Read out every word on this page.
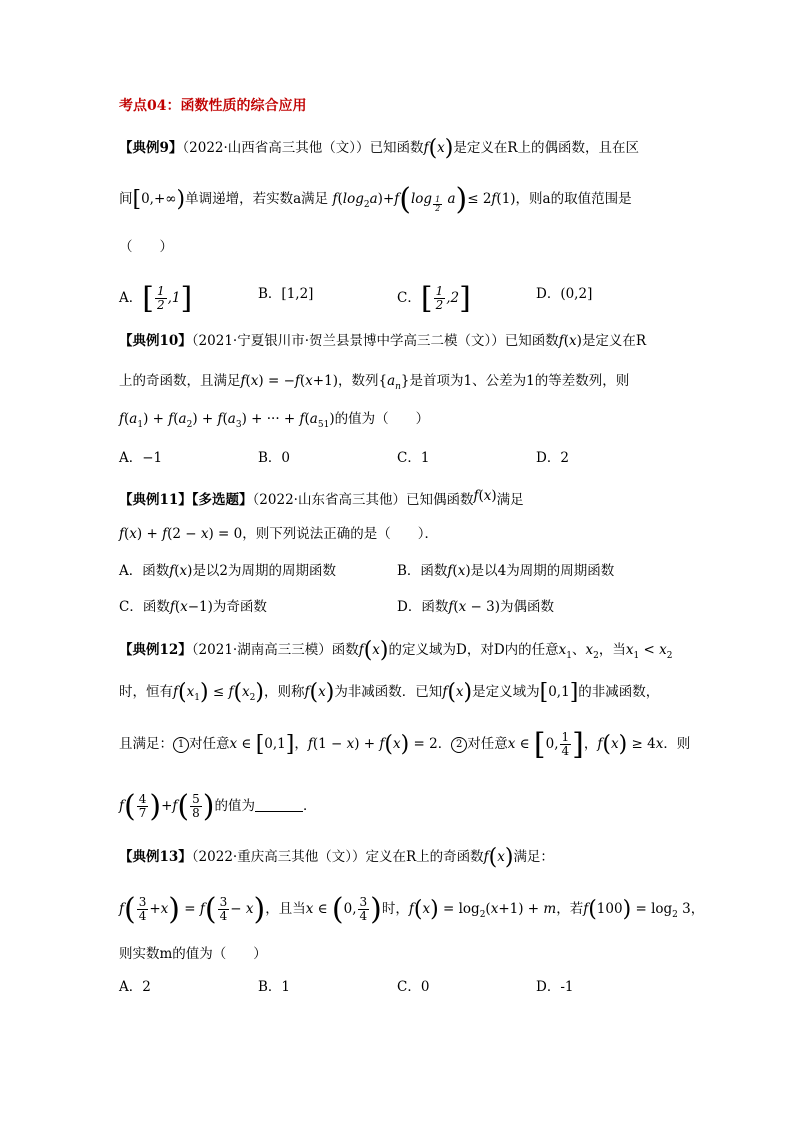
考点04：函数性质的综合应用
【典例9】（2022·山西省高三其他（文））已知函数f(x)是定义在R上的偶函数，且在区
间[0,+∞)单调递增，若实数a满足 $f(\log_2a)+f(\log$ $_{\frac{1}{2}}$ a)≤ 2f(1)，则a的取值范围是
（　　）
A．[ $\frac{1}{2} ,1$]	B．[1,2]	C．[ $\frac{1}{2} ,2$]	D．(0,2]
【典例10】（2021·宁夏银川市·贺兰县景博中学高三二模（文））已知函数f(x)是定义在R
上的奇函数，且满足f(x) = −f(x+1)，数列$\{a_n\}$是首项为1、公差为1的等差数列，则
$f(a_1) + f(a_2) + f(a_3)$ + ··· + $f(a_{51})$的值为（　　）
A．−1	B．0	C．1	D．2
【典例11】【多选题】（2022·山东省高三其他）已知偶函数f(x)满足
f(x) + f(2 − x) = 0，则下列说法正确的是（　　）．
A．函数f(x)是以2为周期的周期函数	B．函数f(x)是以4为周期的周期函数
C．函数f(x−1)为奇函数	D．函数f(x − 3)为偶函数
【典例12】（2021·湖南高三三模）函数f(x)的定义域为D，对D内的任意$x_1$、$x_2$，当$x_1 < x_2$
时，恒有$f(x_1) \le f(x_2)$，则称f(x)为非减函数．已知f(x)是定义域为[0,1]的非减函数，
且满足： 1 对任意x ∈ [0,1]，f(1 − x) + f(x) = 2． 2 对任意x ∈ [0, $\frac{1}{4}$ ]，f(x) ≥ 4x．则
$f( \frac{4}{7} )+f( \frac{5}{8}$ )的值为	．
【典例13】（2022·重庆高三其他（文））定义在R上的奇函数f(x)满足：
$f( \frac{3}{4} +x) = f( \frac{3}{4} - x)$，且当x ∈ (0, $\frac{3}{4}$ )时，$f(x) = \log_2(x+1) + m$，若$f(100) = \log_2 3$，
则实数m的值为（　　）
A．2	B．1	C．0	D．-1
